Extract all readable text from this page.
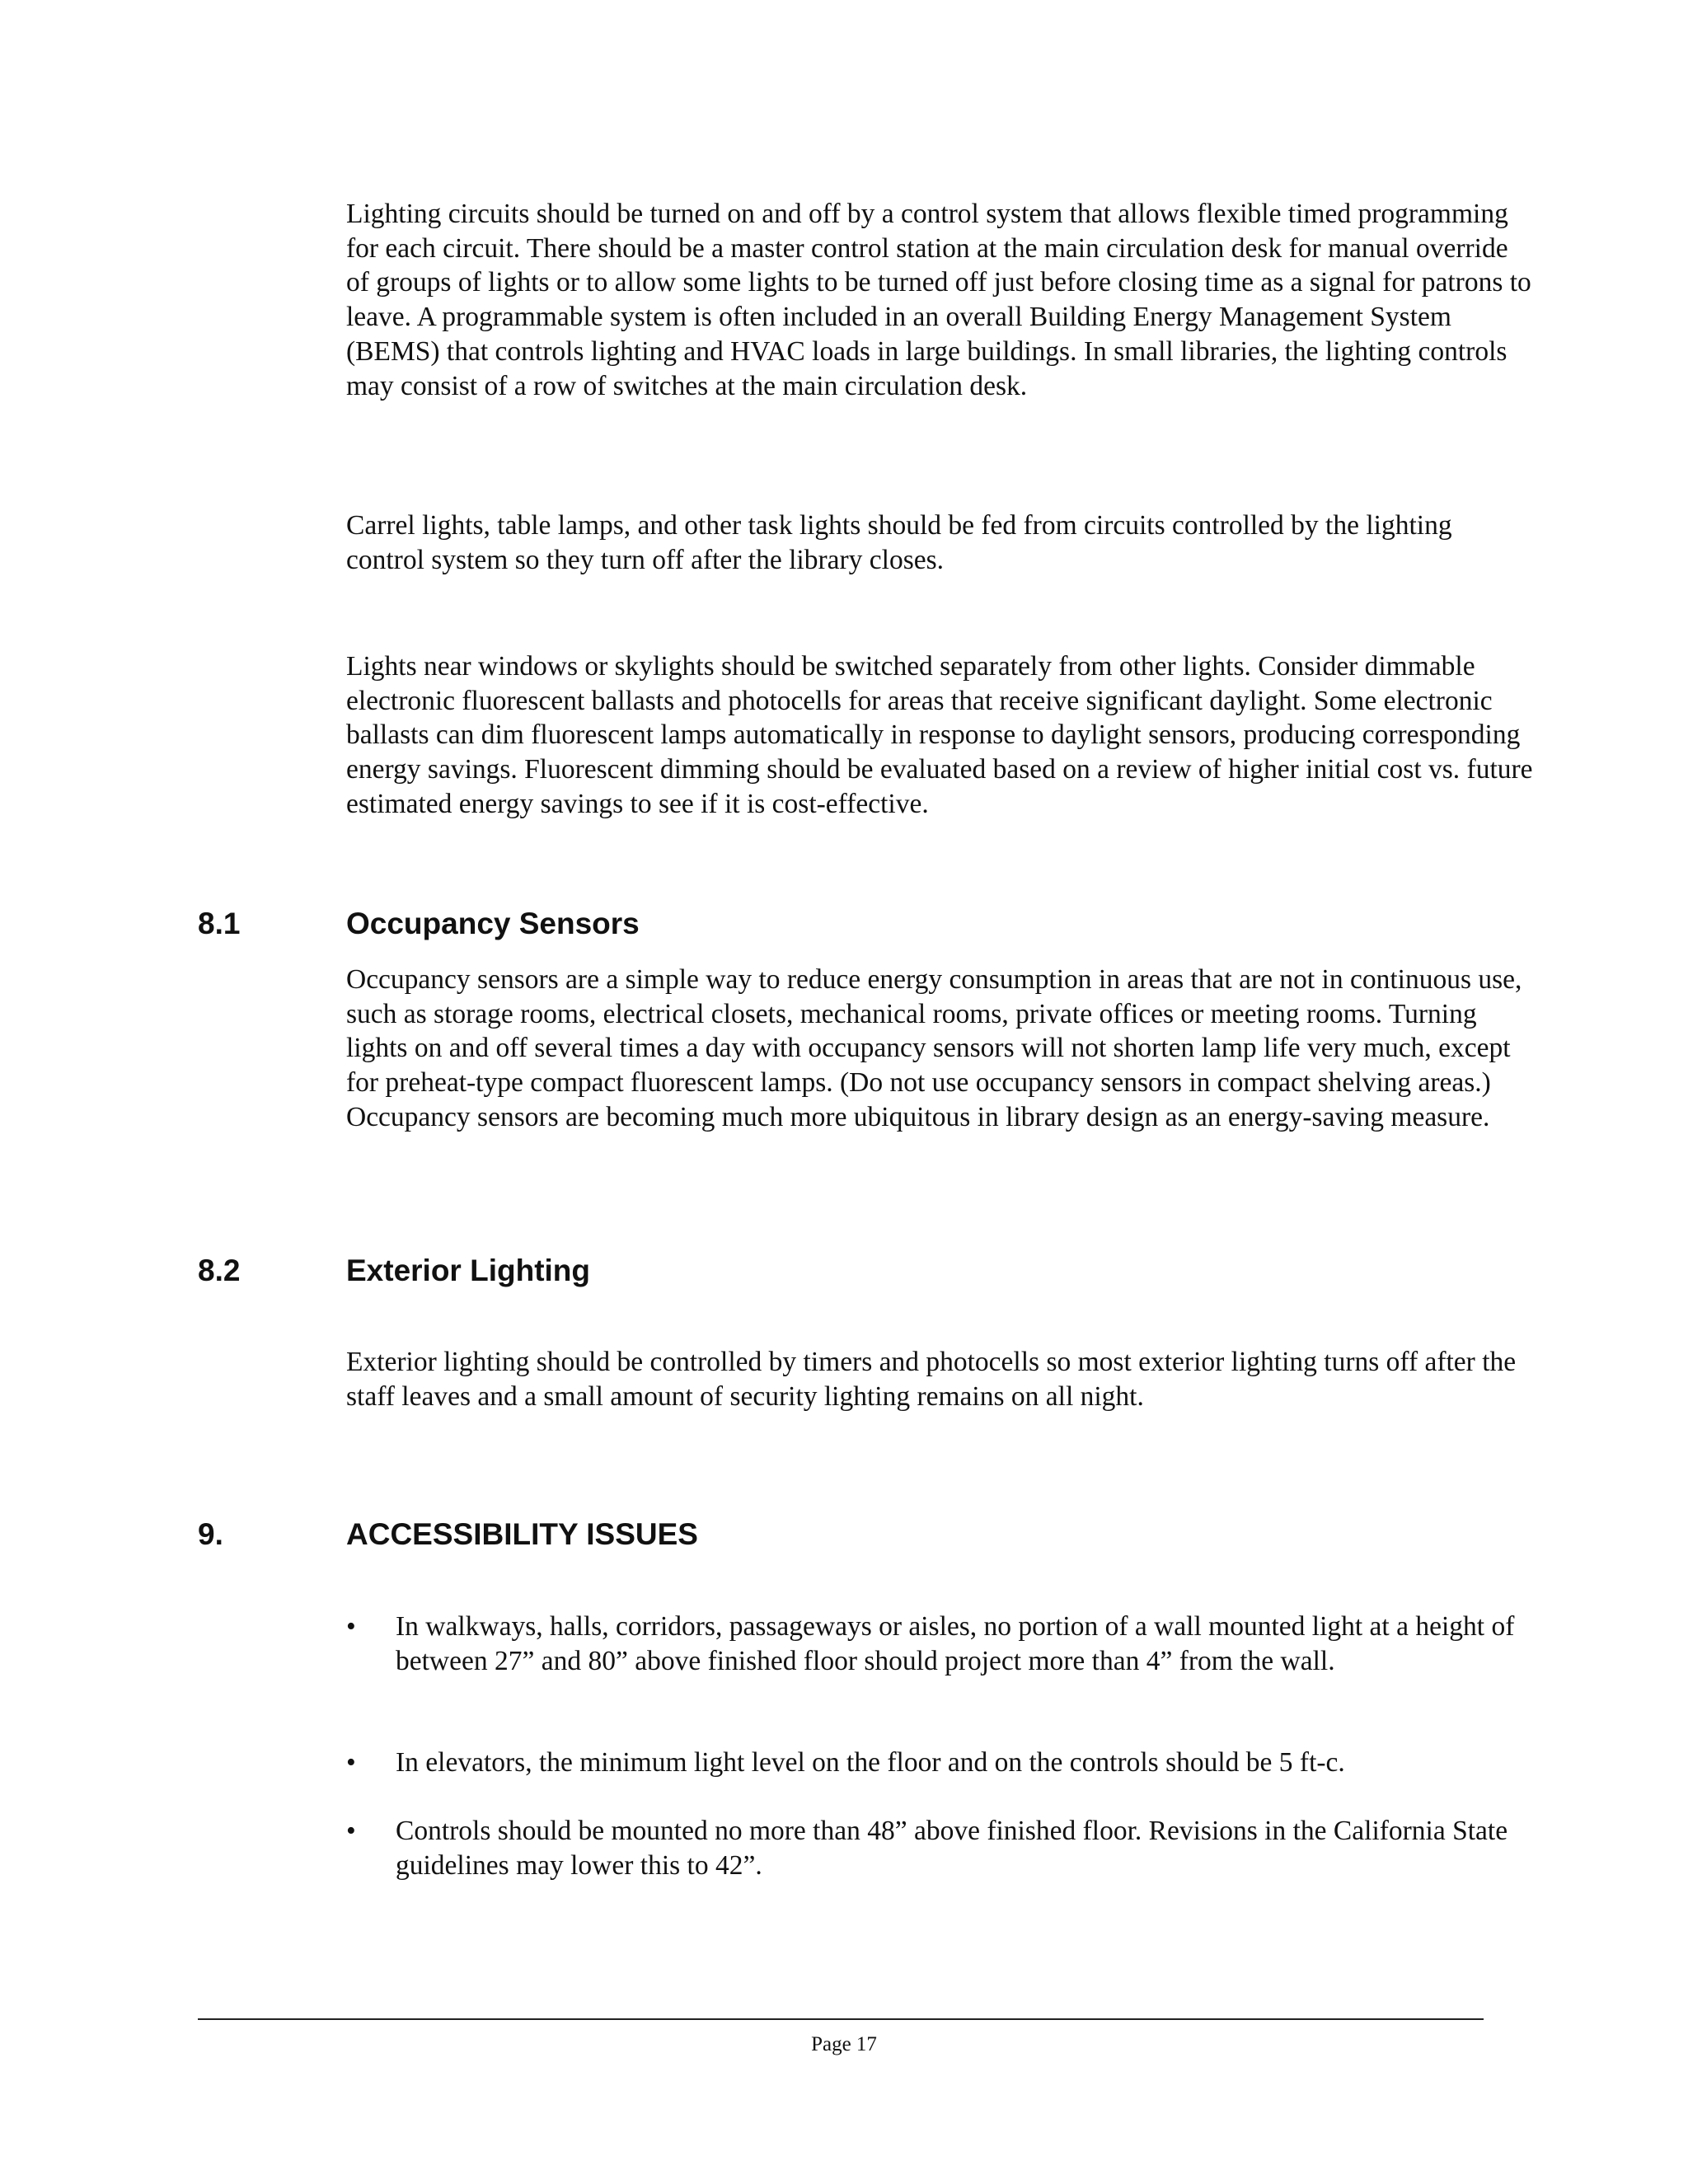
Lighting circuits should be turned on and off by a control system that allows flexible timed programming for each circuit. There should be a master control station at the main circulation desk for manual override of groups of lights or to allow some lights to be turned off just before closing time as a signal for patrons to leave. A programmable system is often included in an overall Building Energy Management System (BEMS) that controls lighting and HVAC loads in large buildings. In small libraries, the lighting controls may consist of a row of switches at the main circulation desk.

Carrel lights, table lamps, and other task lights should be fed from circuits controlled by the lighting control system so they turn off after the library closes.

Lights near windows or skylights should be switched separately from other lights. Consider dimmable electronic fluorescent ballasts and photocells for areas that receive significant daylight. Some electronic ballasts can dim fluorescent lamps automatically in response to daylight sensors, producing corresponding energy savings. Fluorescent dimming should be evaluated based on a review of higher initial cost vs. future estimated energy savings to see if it is cost-effective.

8.1	Occupancy Sensors

Occupancy sensors are a simple way to reduce energy consumption in areas that are not in continuous use, such as storage rooms, electrical closets, mechanical rooms, private offices or meeting rooms. Turning lights on and off several times a day with occupancy sensors will not shorten lamp life very much, except for preheat-type compact fluorescent lamps. (Do not use occupancy sensors in compact shelving areas.) Occupancy sensors are becoming much more ubiquitous in library design as an energy-saving measure.

8.2	Exterior Lighting

Exterior lighting should be controlled by timers and photocells so most exterior lighting turns off after the staff leaves and a small amount of security lighting remains on all night.

9.	ACCESSIBILITY ISSUES
• In walkways, halls, corridors, passageways or aisles, no portion of a wall mounted light at a height of between 27” and 80” above finished floor should project more than 4” from the wall.

• In elevators, the minimum light level on the floor and on the controls should be 5 ft-c.

• Controls should be mounted no more than 48” above finished floor. Revisions in the California State guidelines may lower this to 42”.

Page 17
